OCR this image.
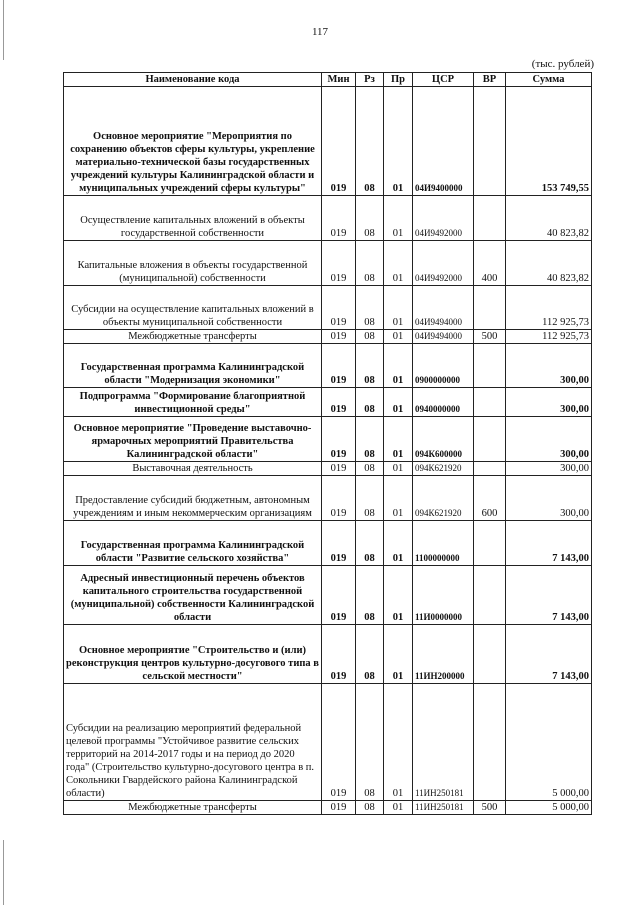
117
(тыс. рублей)
Наименование кода	Мин	Рз	Пр	ЦСР	ВР	Сумма
Основное мероприятие "Мероприятия по сохранению объектов сферы культуры, укрепление материально-технической базы государственных учреждений культуры Калининградской области и муниципальных учреждений сферы культуры"	019	08	01	04И9400000		153 749,55
Осуществление капитальных вложений в объекты государственной собственности	019	08	01	04И9492000		40 823,82
Капитальные вложения в объекты государственной (муниципальной) собственности	019	08	01	04И9492000	400	40 823,82
Субсидии на осуществление капитальных вложений в объекты муниципальной собственности	019	08	01	04И9494000		112 925,73
Межбюджетные трансферты	019	08	01	04И9494000	500	112 925,73
Государственная программа Калининградской области "Модернизация экономики"	019	08	01	0900000000		300,00
Подпрограмма "Формирование благоприятной инвестиционной среды"	019	08	01	0940000000		300,00
Основное мероприятие "Проведение выставочно-ярмарочных мероприятий Правительства Калининградской области"	019	08	01	094К600000		300,00
Выставочная деятельность	019	08	01	094К621920		300,00
Предоставление субсидий бюджетным, автономным учреждениям и иным некоммерческим организациям	019	08	01	094К621920	600	300,00
Государственная программа Калининградской области "Развитие сельского хозяйства"	019	08	01	1100000000		7 143,00
Адресный инвестиционный перечень объектов капитального строительства государственной (муниципальной) собственности Калининградской области	019	08	01	11И0000000		7 143,00
Основное мероприятие "Строительство и (или) реконструкция центров культурно-досугового типа в сельской местности"	019	08	01	11ИН200000		7 143,00
Субсидии на реализацию мероприятий федеральной целевой программы "Устойчивое развитие сельских территорий на 2014-2017 годы и на период до 2020 года" (Строительство культурно-досугового центра в п. Сокольники Гвардейского района Калининградской области)	019	08	01	11ИН250181		5 000,00
Межбюджетные трансферты	019	08	01	11ИН250181	500	5 000,00
